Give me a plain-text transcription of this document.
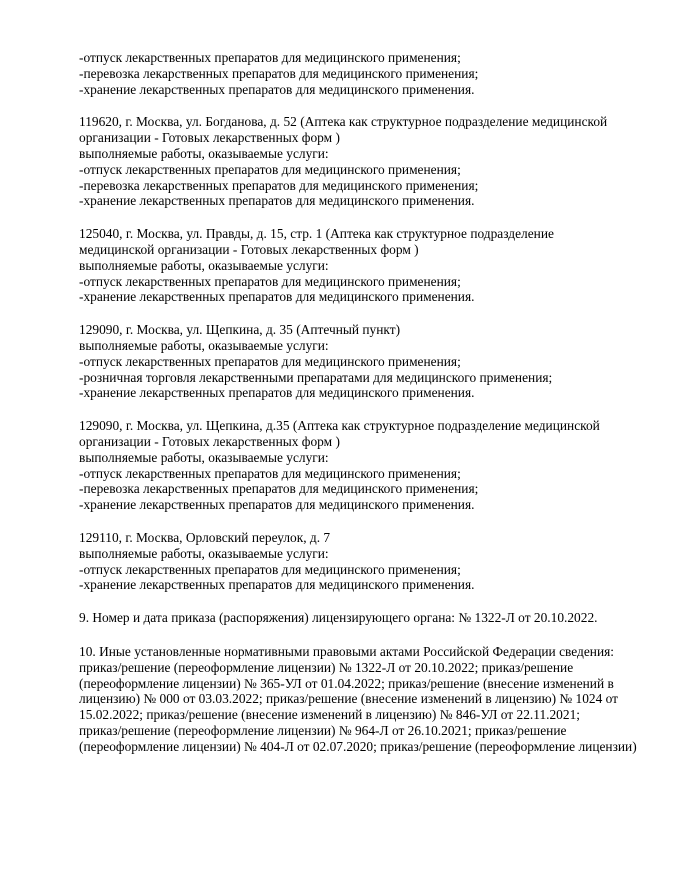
-отпуск лекарственных препаратов для медицинского применения;
-перевозка лекарственных препаратов для медицинского применения;
-хранение лекарственных препаратов для медицинского применения.
119620, г. Москва, ул. Богданова, д. 52 (Аптека как структурное подразделение медицинской
организации - Готовых лекарственных форм )
выполняемые работы, оказываемые услуги:
-отпуск лекарственных препаратов для медицинского применения;
-перевозка лекарственных препаратов для медицинского применения;
-хранение лекарственных препаратов для медицинского применения.
125040, г. Москва, ул. Правды, д. 15, стр. 1 (Аптека как структурное подразделение
медицинской организации - Готовых лекарственных форм )
выполняемые работы, оказываемые услуги:
-отпуск лекарственных препаратов для медицинского применения;
-хранение лекарственных препаратов для медицинского применения.
129090, г. Москва, ул. Щепкина, д. 35 (Аптечный пункт)
выполняемые работы, оказываемые услуги:
-отпуск лекарственных препаратов для медицинского применения;
-розничная торговля лекарственными препаратами для медицинского применения;
-хранение лекарственных препаратов для медицинского применения.
129090, г. Москва, ул. Щепкина, д.35 (Аптека как структурное подразделение медицинской
организации - Готовых лекарственных форм )
выполняемые работы, оказываемые услуги:
-отпуск лекарственных препаратов для медицинского применения;
-перевозка лекарственных препаратов для медицинского применения;
-хранение лекарственных препаратов для медицинского применения.
129110, г. Москва, Орловский переулок, д. 7
выполняемые работы, оказываемые услуги:
-отпуск лекарственных препаратов для медицинского применения;
-хранение лекарственных препаратов для медицинского применения.
9. Номер и дата приказа (распоряжения) лицензирующего органа: № 1322-Л от 20.10.2022.
10. Иные установленные нормативными правовыми актами Российской Федерации сведения:
приказ/решение (переоформление лицензии) № 1322-Л от 20.10.2022; приказ/решение
(переоформление лицензии) № 365-УЛ от 01.04.2022; приказ/решение (внесение изменений в
лицензию) № 000 от 03.03.2022; приказ/решение (внесение изменений в лицензию) № 1024 от
15.02.2022; приказ/решение (внесение изменений в лицензию) № 846-УЛ от 22.11.2021;
приказ/решение (переоформление лицензии) № 964-Л от 26.10.2021; приказ/решение
(переоформление лицензии) № 404-Л от 02.07.2020; приказ/решение (переоформление лицензии)
